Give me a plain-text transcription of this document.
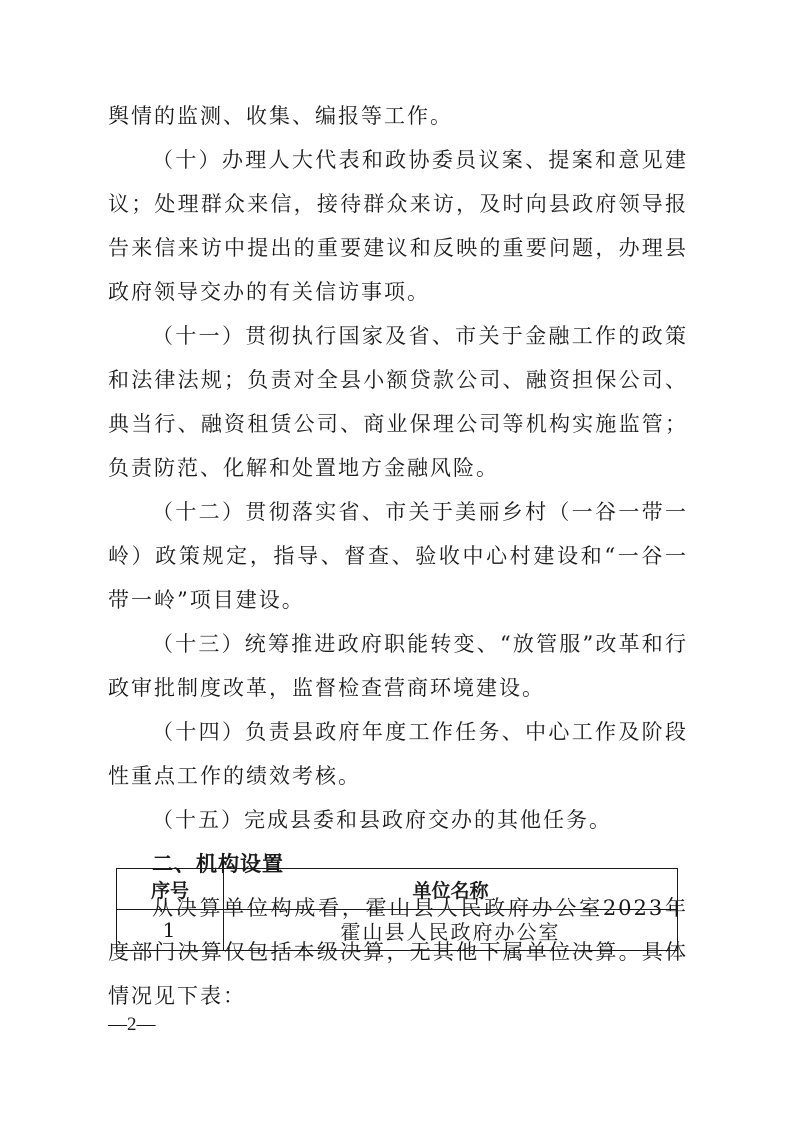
舆情的监测、收集、编报等工作。

（十）办理人大代表和政协委员议案、提案和意见建议；处理群众来信，接待群众来访，及时向县政府领导报告来信来访中提出的重要建议和反映的重要问题，办理县政府领导交办的有关信访事项。

（十一）贯彻执行国家及省、市关于金融工作的政策和法律法规；负责对全县小额贷款公司、融资担保公司、典当行、融资租赁公司、商业保理公司等机构实施监管；负责防范、化解和处置地方金融风险。

（十二）贯彻落实省、市关于美丽乡村（一谷一带一岭）政策规定，指导、督查、验收中心村建设和“一谷一带一岭”项目建设。

（十三）统筹推进政府职能转变、“放管服”改革和行政审批制度改革，监督检查营商环境建设。

（十四）负责县政府年度工作任务、中心工作及阶段性重点工作的绩效考核。

（十五）完成县委和县政府交办的其他任务。

二、机构设置

从决算单位构成看，霍山县人民政府办公室2023年度部门决算仅包括本级决算，无其他下属单位决算。具体情况见下表：

序号	单位名称
1	霍山县人民政府办公室
—2—
